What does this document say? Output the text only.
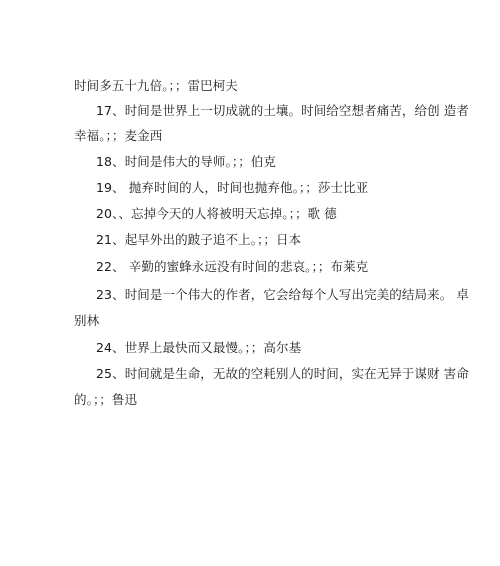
时间多五十九倍。；；雷巴柯夫
17、时间是世界上一切成就的土壤。时间给空想者痛苦，给创 造者
幸福。；；麦金西
18、时间是伟大的导师。；；伯克
19、 抛弃时间的人，时间也抛弃他。；；莎士比亚
20、、忘掉今天的人将被明天忘掉。；；歌 德
21、起早外出的跛子追不上。；；日本
22、 辛勤的蜜蜂永远没有时间的悲哀。；；布莱克
23、时间是一个伟大的作者，它会给每个人写出完美的结局来。 卓
别林
24、世界上最快而又最慢。；；高尔基
25、时间就是生命，无故的空耗别人的时间，实在无异于谋财 害命
的。；；鲁迅
